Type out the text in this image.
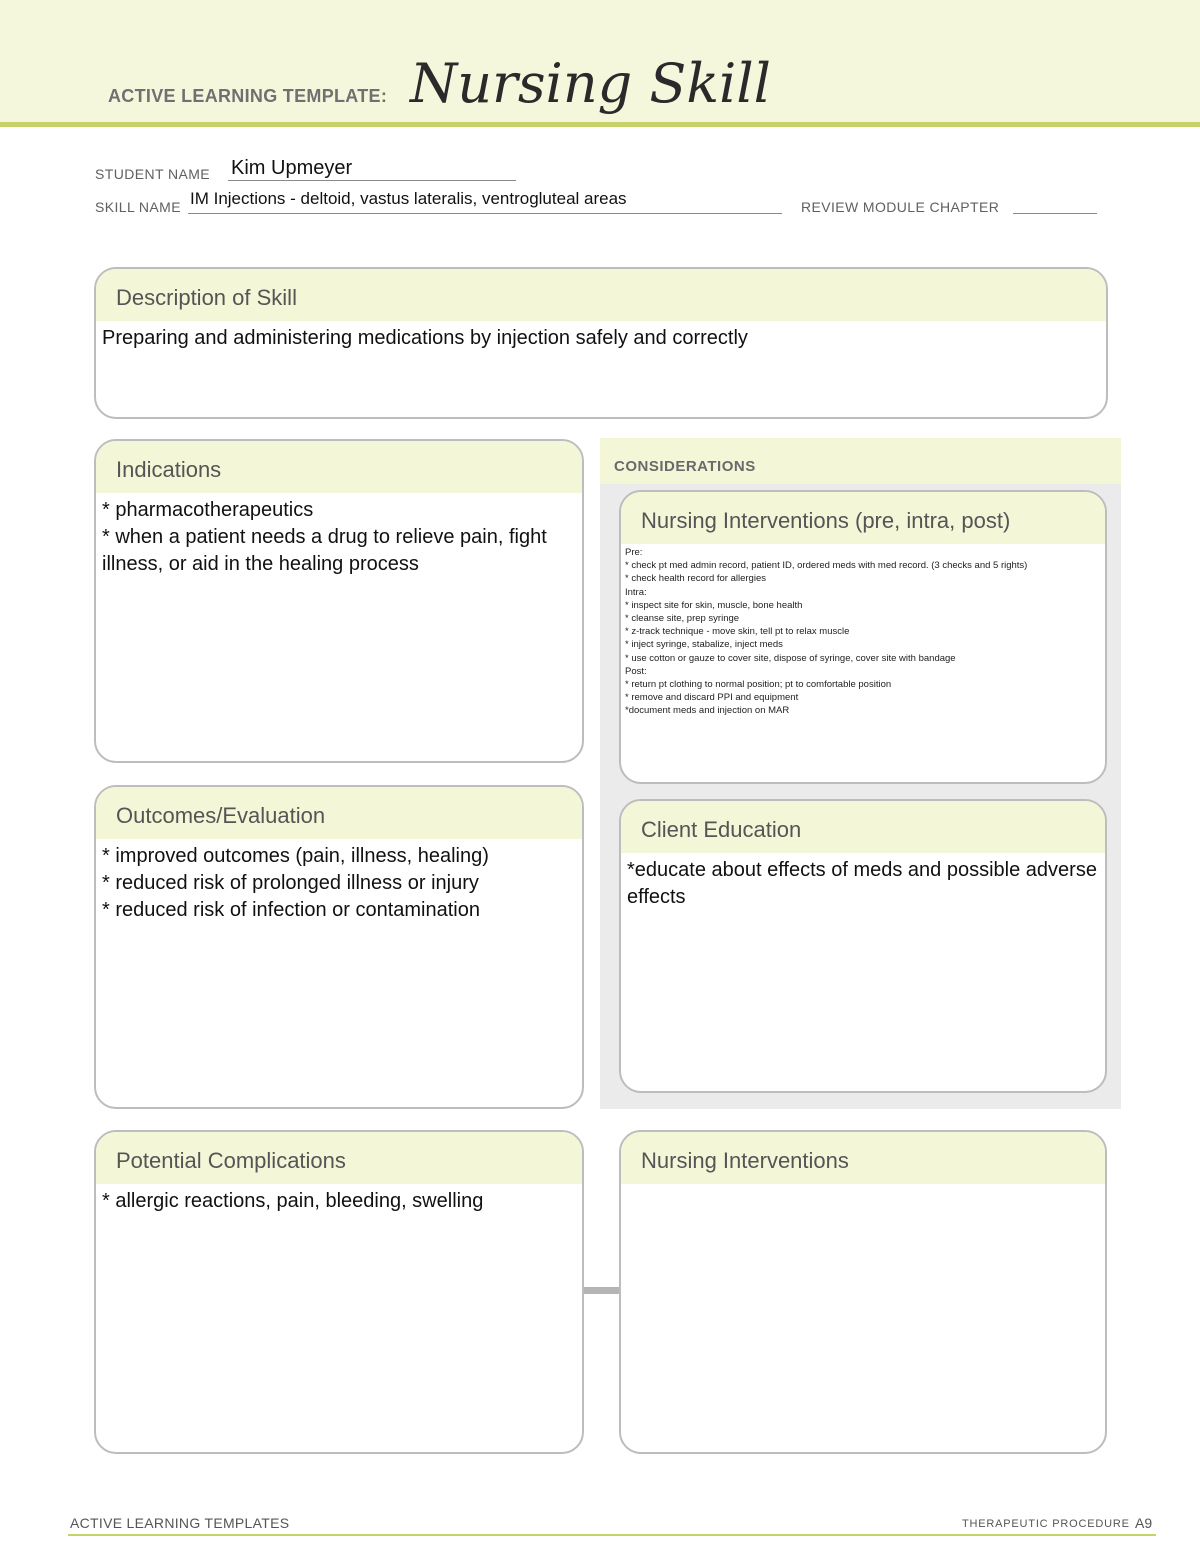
ACTIVE LEARNING TEMPLATE: Nursing Skill
STUDENT NAME Kim Upmeyer
SKILL NAME IM Injections - deltoid, vastus lateralis, ventrogluteal areas	REVIEW MODULE CHAPTER
Description of Skill
Preparing and administering medications by injection safely and correctly
Indications
* pharmacotherapeutics
* when a patient needs a drug to relieve pain, fight illness, or aid in the healing process
CONSIDERATIONS
Nursing Interventions (pre, intra, post)
Pre:
* check pt med admin record, patient ID, ordered meds with med record. (3 checks and 5 rights)
* check health record for allergies
Intra:
* inspect site for skin, muscle, bone health
* cleanse site, prep syringe
* z-track technique - move skin, tell pt to relax muscle
* inject syringe, stabalize, inject meds
* use cotton or gauze to cover site, dispose of syringe, cover site with bandage
Post:
* return pt clothing to normal position; pt to comfortable position
* remove and discard PPI and equipment
*document meds and injection on MAR
Outcomes/Evaluation
* improved outcomes (pain, illness, healing)
* reduced risk of prolonged illness or injury
* reduced risk of infection or contamination
Client Education
*educate about effects of meds and possible adverse effects
Potential Complications
* allergic reactions, pain, bleeding, swelling
Nursing Interventions
ACTIVE LEARNING TEMPLATES	THERAPEUTIC PROCEDURE A9
